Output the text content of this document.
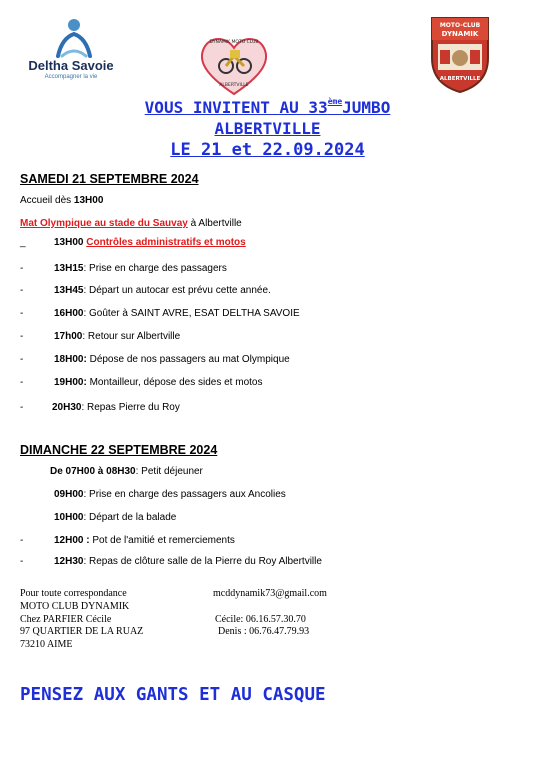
Deltha Savoie
Accompagner la vie
DYNAMIK MOTO CLUB
ALBERTVILLE
MOTO-CLUB
DYNAMIK
ALBERTVILLE
VOUS INVITENT AU 33èmeJUMBO
ALBERTVILLE
LE 21 et 22.09.2024
SAMEDI 21 SEPTEMBRE 2024
Accueil dès 13H00
Mat Olympique au stade du Sauvay à Albertville
_	13H00 Contrôles administratifs et motos
-	13H15: Prise en charge des passagers
-	13H45: Départ un autocar est prévu cette année.
-	16H00: Goûter à SAINT AVRE, ESAT DELTHA SAVOIE
-	17h00: Retour sur Albertville
-	18H00: Dépose de nos passagers au mat Olympique
-	19H00: Montailleur, dépose des sides et motos
-	20H30: Repas Pierre du Roy
DIMANCHE 22 SEPTEMBRE 2024
De 07H00 à 08H30: Petit déjeuner
09H00: Prise en charge des passagers aux Ancolies
10H00: Départ de la balade
-	12H00 : Pot de l'amitié et remerciements
-	12H30: Repas de clôture salle de la Pierre du Roy Albertville
Pour toute correspondance
MOTO CLUB DYNAMIK
Chez PARFIER Cécile
97 QUARTIER DE LA RUAZ
73210 AIME
mcddynamik73@gmail.com
Cécile: 06.16.57.30.70
Denis : 06.76.47.79.93
PENSEZ AUX GANTS ET AU CASQUE
